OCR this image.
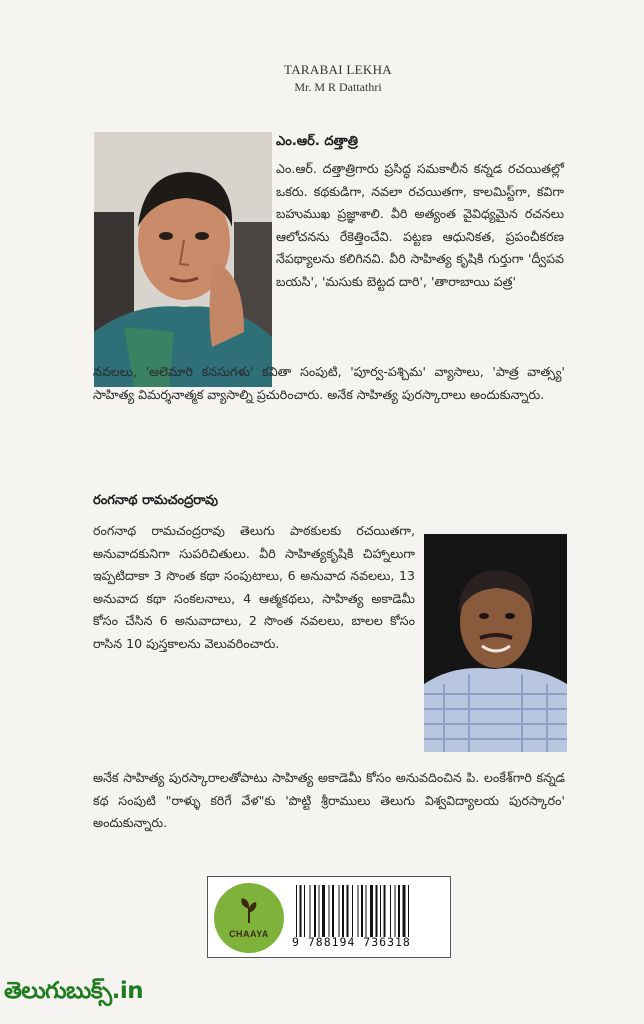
TARABAI LEKHA
Mr. M R Dattathri
ఎం.ఆర్. దత్తాత్రి
ఎం.ఆర్. దత్తాత్రిగారు ప్రసిద్ధ సమకాలీన కన్నడ రచయితల్లో ఒకరు. కథకుడిగా, నవలా రచయితగా, కాలమిస్ట్‌గా, కవిగా బహుముఖ ప్రజ్ఞాశాలి. వీరి అత్యంత వైవిధ్యమైన రచనలు ఆలోచనను రేకెత్తించేవి. పట్టణ ఆధునికత, ప్రపంచీకరణ నేపథ్యాలను కలిగినవి. వీరి సాహిత్య కృషికి గుర్తుగా 'ద్వీపవ బయసి', 'మసుకు బెట్టద దారి', 'తారాబాయి పత్ర'
నవలలు, 'అలెమారి కనసుగళు' కవితా సంపుటి, 'పూర్వ-పశ్చిమ' వ్యాసాలు, 'పాత్ర వాత్స్య' సాహిత్య విమర్శనాత్మక వ్యాసాల్ని ప్రచురించారు. అనేక సాహిత్య పురస్కారాలు అందుకున్నారు.
రంగనాథ రామచంద్రరావు
రంగనాథ రామచంద్రరావు తెలుగు పాఠకులకు రచయితగా, అనువాదకునిగా సుపరిచితులు. వీరి సాహిత్యకృషికి చిహ్నాలుగా ఇప్పటిదాకా 3 సొంత కథా సంపుటాలు, 6 అనువాద నవలలు, 13 అనువాద కథా సంకలనాలు, 4 ఆత్మకథలు, సాహిత్య అకాడెమీ కోసం చేసిన 6 అనువాదాలు, 2 సొంత నవలలు, బాలల కోసం రాసిన 10 పుస్తకాలను వెలువరించారు.
అనేక సాహిత్య పురస్కారాలతోపాటు సాహిత్య అకాడెమీ కోసం అనువదించిన పి. లంకేశ్‌గారి కన్నడ కథ సంపుటి "రాళ్ళు కరిగే వేళ"కు 'పొట్టి శ్రీరాములు తెలుగు విశ్వవిద్యాలయ పురస్కారం' అందుకున్నారు.
CHAAYA
9 788194 736318
తెలుగుబుక్స్.in
